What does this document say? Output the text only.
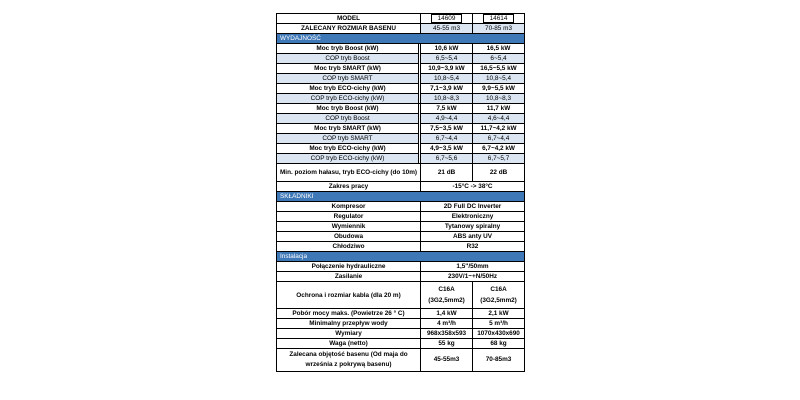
MODEL		14609	14614
ZALECANY ROZMIAR BASENU		45-55 m3	70-85 m3
WYDAJNOŚĆ			
Moc tryb Boost (kW)		10,6 kW	16,5 kW
COP tryb Boost		6,5~5,4	6~5,4
Moc tryb SMART (kW)		10,9~3,9 kW	16,5~5,5 kW
COP tryb SMART		10,8~5,4	10,8~5,4
Moc tryb ECO-cichy (kW)		7,1~3,9 kW	9,9~5,5 kW
COP tryb ECO-cichy (kW)		10,8~8,3	10,8~8,3
Moc tryb Boost (kW)		7,5 kW	11,7 kW
COP tryb Boost		4,9~4,4	4,6~4,4
Moc tryb SMART (kW)		7,5~3,5 kW	11,7~4,2 kW
COP tryb SMART		6,7~4,4	6,7~4,4
Moc tryb ECO-cichy (kW)		4,9~3,5 kW	6,7~4,2 kW
COP tryb ECO-cichy (kW)		6,7~5,6	6,7~5,7
Min. poziom hałasu, tryb ECO-cichy (do 10m)		21 dB	22 dB
Zakres pracy		-15°C -> 38°C	
SKŁADNIKI			
Kompresor		2D Full DC Inverter	
Regulator		Elektroniczny	
Wymiennik		Tytanowy spiralny	
Obudowa		ABS anty UV	
Chłodziwo		R32	
Instalacja			
Połączenie hydrauliczne		1,5"/50mm	
Zasilanie		230V/1~+N/50Hz	
Ochrona i rozmiar kabla (dla 20 m)		C16A (3G2,5mm2)	C16A (3G2,5mm2)
Pobór mocy maks. (Powietrze 26 ° C)		1,4 kW	2,1 kW
Minimalny przepływ wody		4 m³/h	5 m³/h
Wymiary		968x358x593	1070x430x690
Waga (netto)		55 kg	68 kg
Zalecana objętość basenu (Od maja do września z pokrywą basenu)		45-55m3	70-85m3
